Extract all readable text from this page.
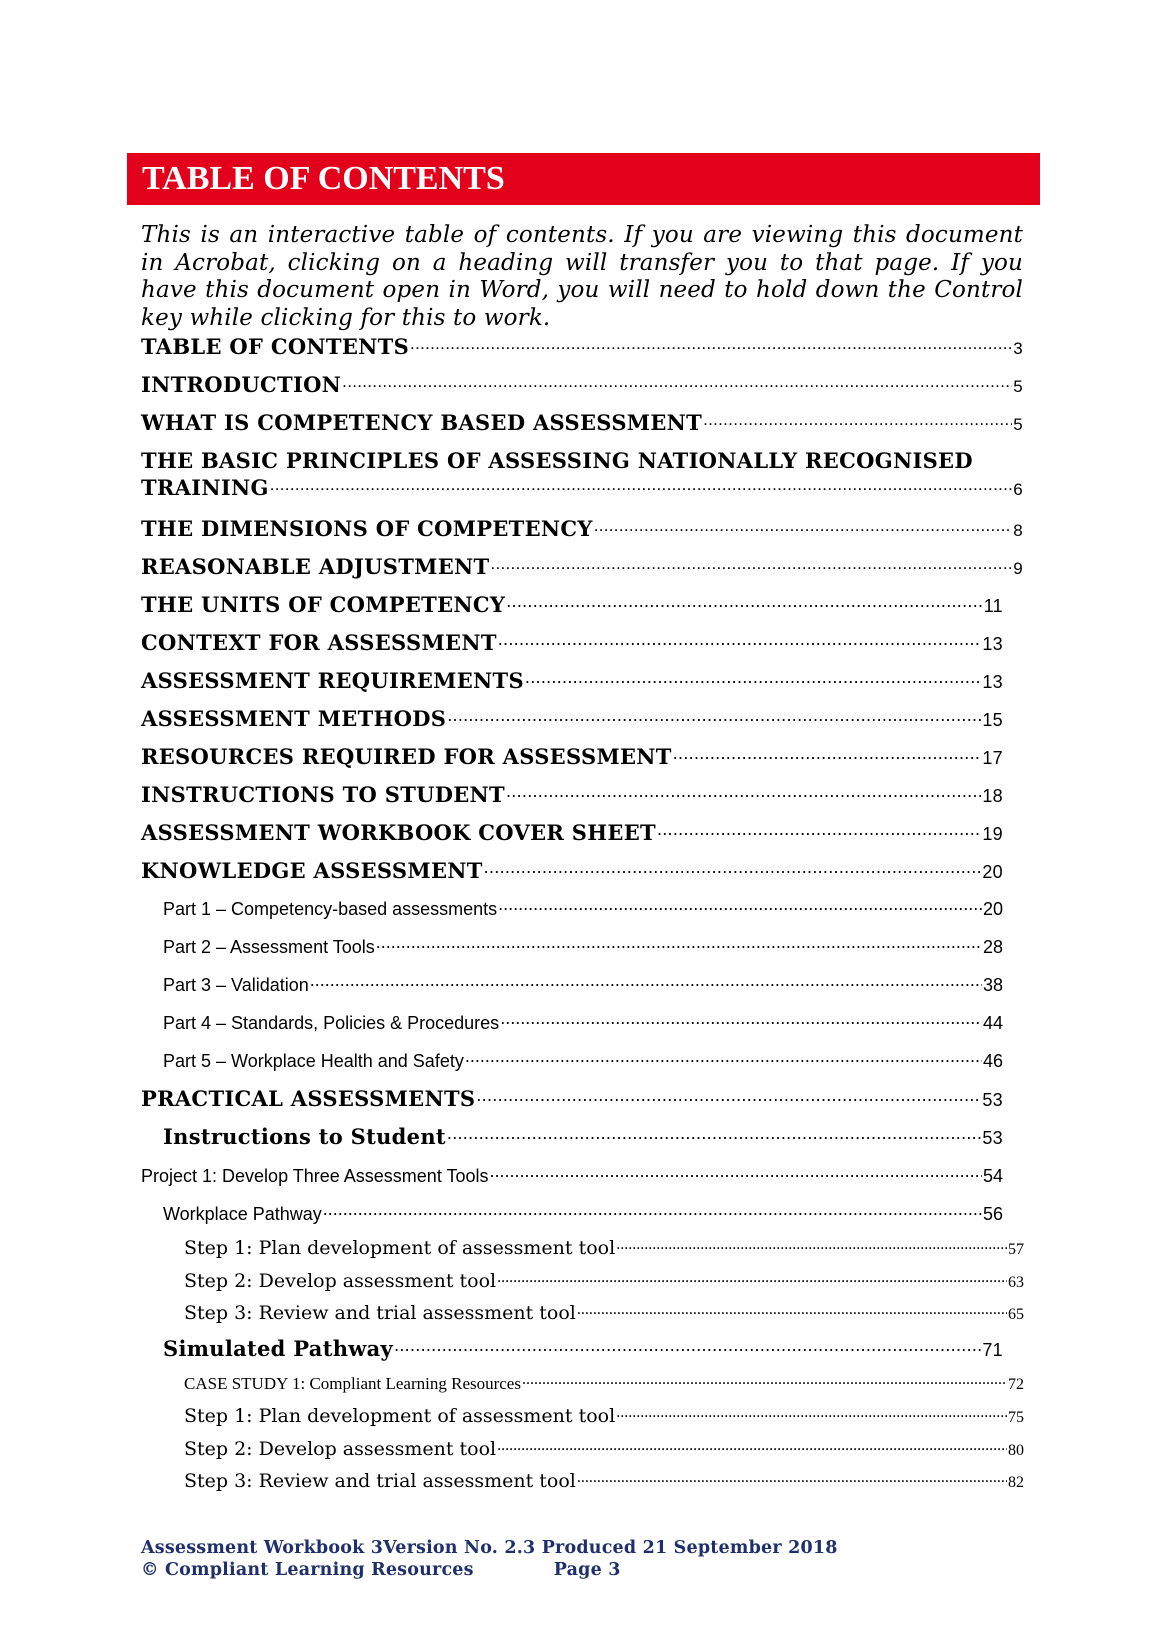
TABLE OF CONTENTS

This is an interactive table of contents. If you are viewing this document in Acrobat, clicking on a heading will transfer you to that page. If you have this document open in Word, you will need to hold down the Control key while clicking for this to work.

TABLE OF CONTENTS .....	3
INTRODUCTION .....	5
WHAT IS COMPETENCY BASED ASSESSMENT .....	5
THE BASIC PRINCIPLES OF ASSESSING NATIONALLY RECOGNISED
TRAINING .....	6
THE DIMENSIONS OF COMPETENCY .....	8
REASONABLE ADJUSTMENT .....	9
THE UNITS OF COMPETENCY .....	11
CONTEXT FOR ASSESSMENT .....	13
ASSESSMENT REQUIREMENTS .....	13
ASSESSMENT METHODS .....	15
RESOURCES REQUIRED FOR ASSESSMENT .....	17
INSTRUCTIONS TO STUDENT .....	18
ASSESSMENT WORKBOOK COVER SHEET .....	19
KNOWLEDGE ASSESSMENT .....	20
Part 1 – Competency-based assessments .....	20
Part 2 – Assessment Tools .....	28
Part 3 – Validation .....	38
Part 4 – Standards, Policies & Procedures .....	44
Part 5 – Workplace Health and Safety .....	46
PRACTICAL ASSESSMENTS .....	53
Instructions to Student .....	53
Project 1: Develop Three Assessment Tools .....	54
Workplace Pathway .....	56
Step 1: Plan development of assessment tool .....	57
Step 2: Develop assessment tool .....	63
Step 3: Review and trial assessment tool .....	65
Simulated Pathway .....	71
CASE STUDY 1: Compliant Learning Resources .....	72
Step 1: Plan development of assessment tool .....	75
Step 2: Develop assessment tool .....	80
Step 3: Review and trial assessment tool .....	82
Assessment Workbook 3Version No. 2.3 Produced 21 September 2018
© Compliant Learning Resources	Page 3
